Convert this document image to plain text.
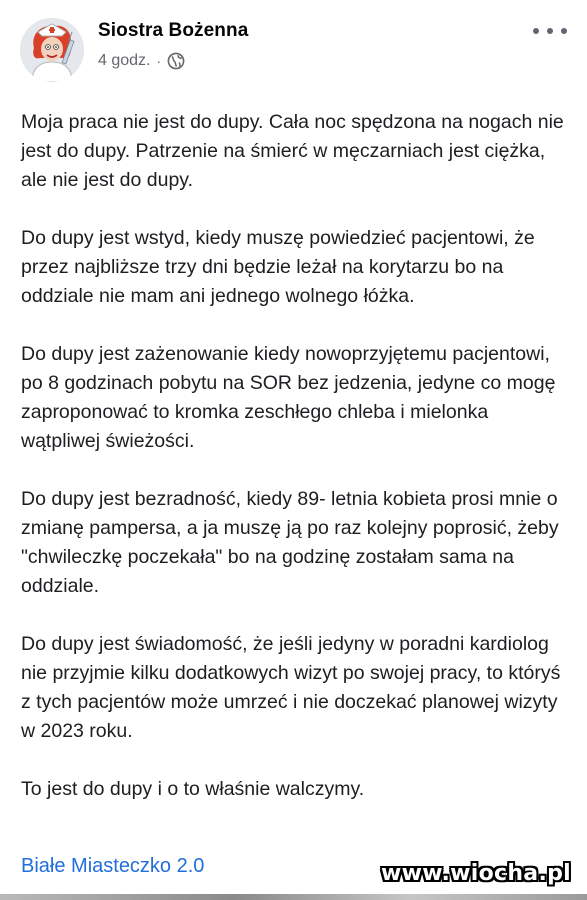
Siostra Bożenna
4 godz. ·

Moja praca nie jest do dupy. Cała noc spędzona na nogach nie jest do dupy. Patrzenie na śmierć w męczarniach jest ciężka, ale nie jest do dupy.

Do dupy jest wstyd, kiedy muszę powiedzieć pacjentowi, że przez najbliższe trzy dni będzie leżał na korytarzu bo na oddziale nie mam ani jednego wolnego łóżka.

Do dupy jest zażenowanie kiedy nowoprzyjętemu pacjentowi, po 8 godzinach pobytu na SOR bez jedzenia, jedyne co mogę zaproponować to kromka zeschłego chleba i mielonka wątpliwej świeżości.

Do dupy jest bezradność, kiedy 89- letnia kobieta prosi mnie o zmianę pampersa, a ja muszę ją po raz kolejny poprosić, żeby "chwileczkę poczekała" bo na godzinę zostałam sama na oddziale.

Do dupy jest świadomość, że jeśli jedyny w poradni kardiolog nie przyjmie kilku dodatkowych wizyt po swojej pracy, to któryś z tych pacjentów może umrzeć i nie doczekać planowej wizyty w 2023 roku.

To jest do dupy i o to właśnie walczymy.

Białe Miasteczko 2.0	www.wiocha.pl
